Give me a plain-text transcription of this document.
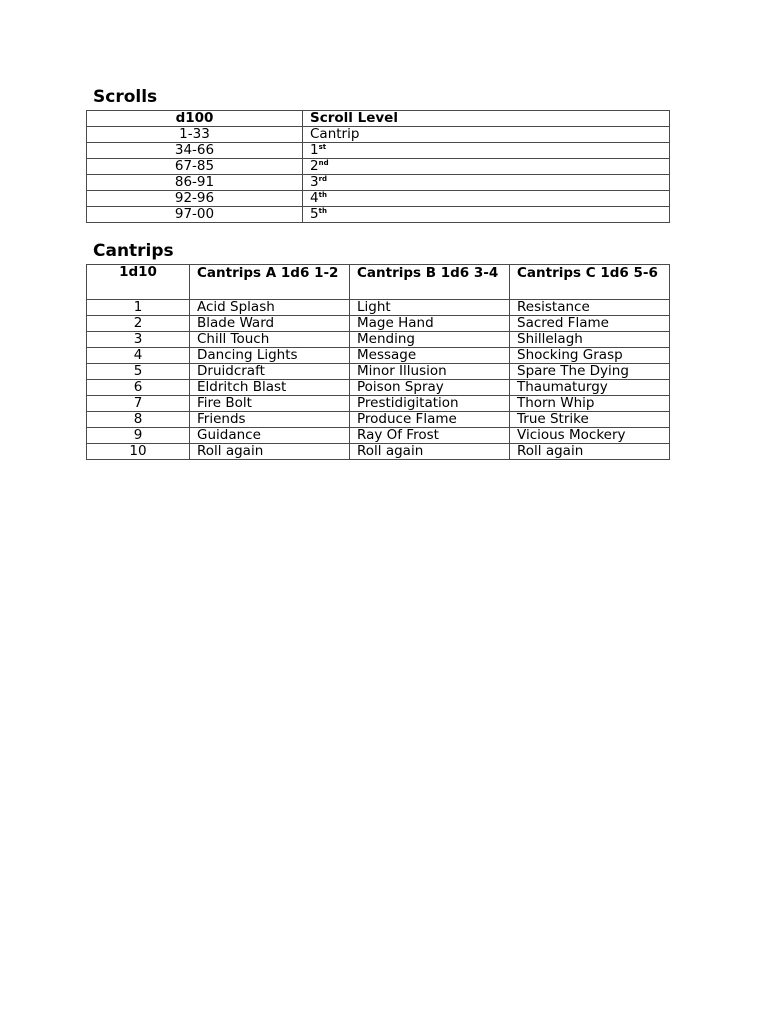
Scrolls
d100	Scroll Level
1-33	Cantrip
34-66	1st
67-85	2nd
86-91	3rd
92-96	4th
97-00	5th
Cantrips
1d10	Cantrips A 1d6 1-2	Cantrips B 1d6 3-4	Cantrips C 1d6 5-6
1	Acid Splash	Light	Resistance
2	Blade Ward	Mage Hand	Sacred Flame
3	Chill Touch	Mending	Shillelagh
4	Dancing Lights	Message	Shocking Grasp
5	Druidcraft	Minor Illusion	Spare The Dying
6	Eldritch Blast	Poison Spray	Thaumaturgy
7	Fire Bolt	Prestidigitation	Thorn Whip
8	Friends	Produce Flame	True Strike
9	Guidance	Ray Of Frost	Vicious Mockery
10	Roll again	Roll again	Roll again
